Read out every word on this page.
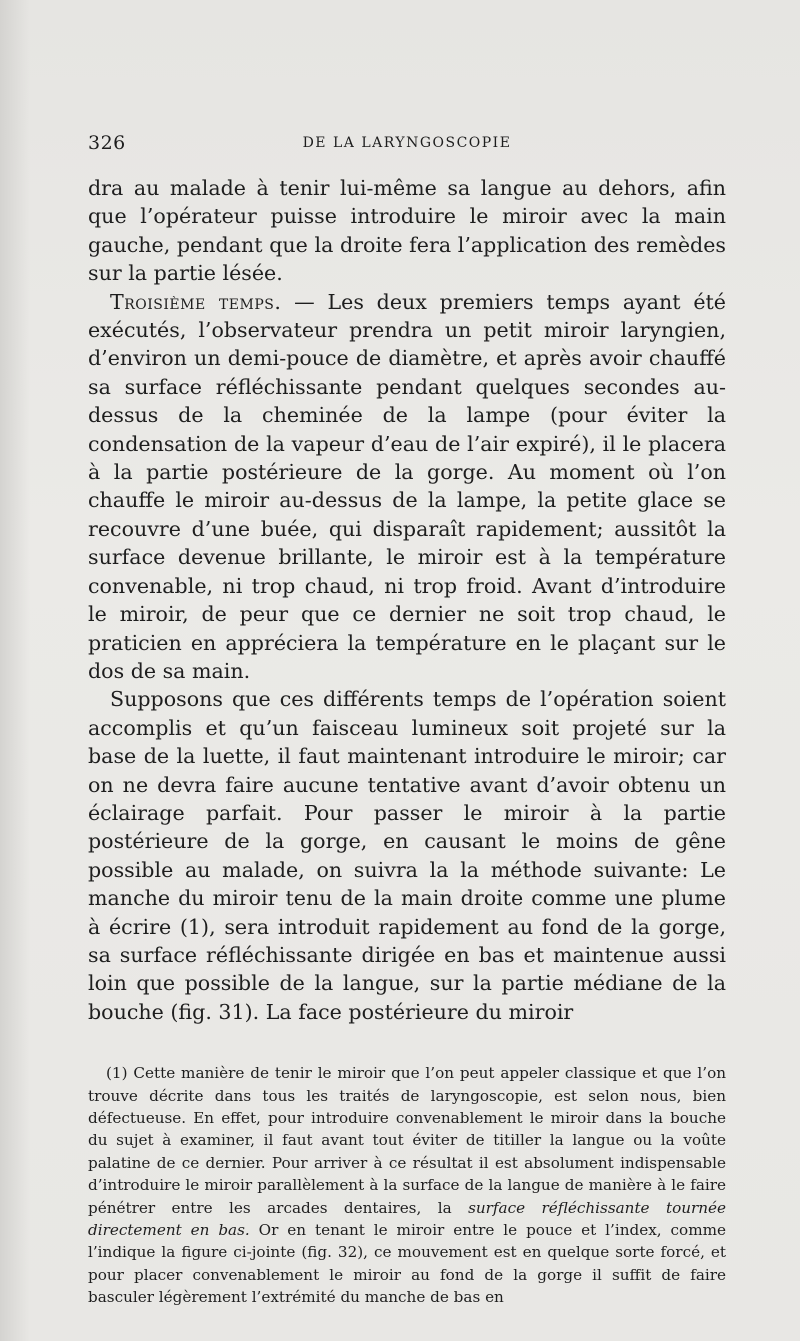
326	DE LA LARYNGOSCOPIE

dra au malade à tenir lui-même sa langue au dehors, afin que l’opérateur puisse introduire le miroir avec la main gauche, pendant que la droite fera l’application des remèdes sur la partie lésée.

Troisième temps. — Les deux premiers temps ayant été exécutés, l’observateur prendra un petit miroir laryngien, d’environ un demi-pouce de diamètre, et après avoir chauffé sa surface réfléchissante pendant quelques secondes au-dessus de la cheminée de la lampe (pour éviter la condensation de la vapeur d’eau de l’air expiré), il le placera à la partie postérieure de la gorge. Au moment où l’on chauffe le miroir au-dessus de la lampe, la petite glace se recouvre d’une buée, qui disparaît rapidement; aussitôt la surface devenue brillante, le miroir est à la température convenable, ni trop chaud, ni trop froid. Avant d’introduire le miroir, de peur que ce dernier ne soit trop chaud, le praticien en appréciera la température en le plaçant sur le dos de sa main.

Supposons que ces différents temps de l’opération soient accomplis et qu’un faisceau lumineux soit projeté sur la base de la luette, il faut maintenant introduire le miroir; car on ne devra faire aucune tentative avant d’avoir obtenu un éclairage parfait. Pour passer le miroir à la partie postérieure de la gorge, en causant le moins de gêne possible au malade, on suivra la la méthode suivante: Le manche du miroir tenu de la main droite comme une plume à écrire (1), sera introduit rapidement au fond de la gorge, sa surface réfléchissante dirigée en bas et maintenue aussi loin que possible de la langue, sur la partie médiane de la bouche (fig. 31). La face postérieure du miroir

(1) Cette manière de tenir le miroir que l’on peut appeler classique et que l’on trouve décrite dans tous les traités de laryngoscopie, est selon nous, bien défectueuse. En effet, pour introduire convenablement le miroir dans la bouche du sujet à examiner, il faut avant tout éviter de titiller la langue ou la voûte palatine de ce dernier. Pour arriver à ce résultat il est absolument indispensable d’introduire le miroir parallèlement à la surface de la langue de manière à le faire pénétrer entre les arcades dentaires, la surface réfléchissante tournée directement en bas. Or en tenant le miroir entre le pouce et l’index, comme l’indique la figure ci-jointe (fig. 32), ce mouvement est en quelque sorte forcé, et pour placer convenablement le miroir au fond de la gorge il suffit de faire basculer légèrement l’extrémité du manche de bas en
